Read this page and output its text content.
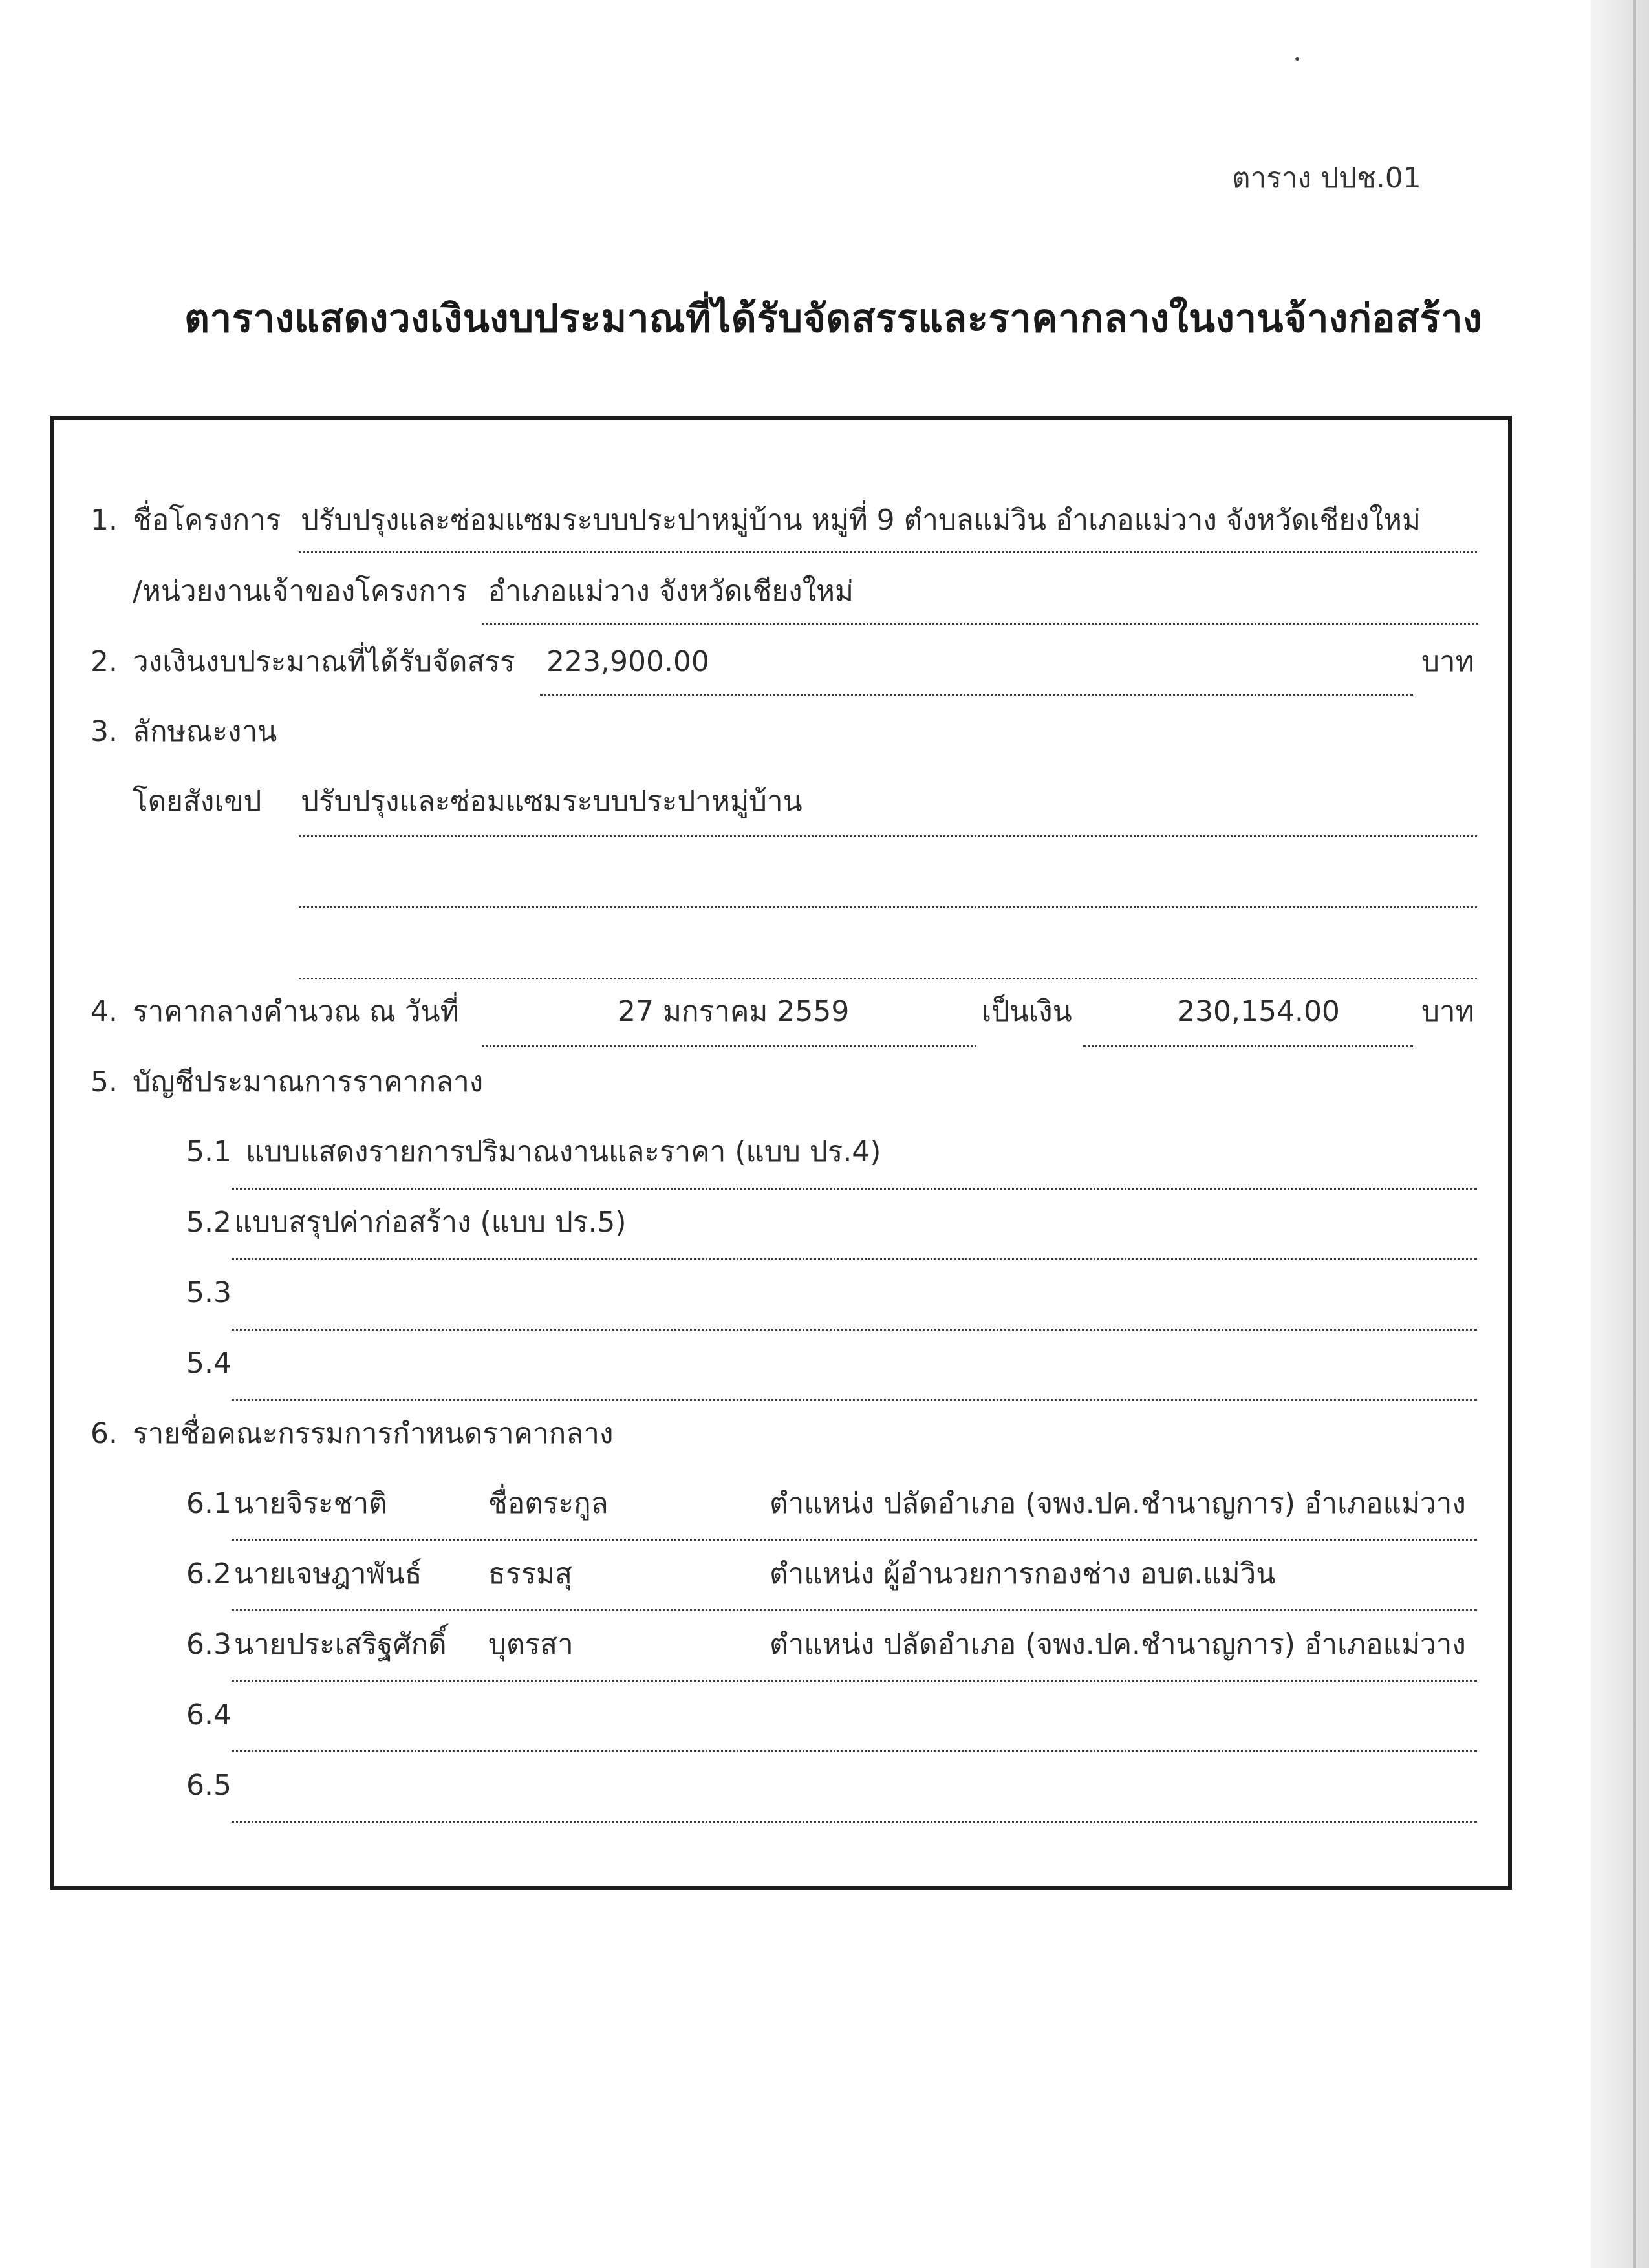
ตาราง ปปช.01
ตารางแสดงวงเงินงบประมาณที่ได้รับจัดสรรและราคากลางในงานจ้างก่อสร้าง
1. ชื่อโครงการ ปรับปรุงและซ่อมแซมระบบประปาหมู่บ้าน หมู่ที่ 9 ตำบลแม่วิน อำเภอแม่วาง จังหวัดเชียงใหม่
/หน่วยงานเจ้าของโครงการ อำเภอแม่วาง จังหวัดเชียงใหม่
2. วงเงินงบประมาณที่ได้รับจัดสรร 223,900.00	บาท
3. ลักษณะงาน
โดยสังเขป ปรับปรุงและซ่อมแซมระบบประปาหมู่บ้าน
4. ราคากลางคำนวณ ณ วันที่	27 มกราคม 2559	เป็นเงิน	230,154.00	บาท
5. บัญชีประมาณการราคากลาง
5.1 แบบแสดงรายการปริมาณงานและราคา (แบบ ปร.4)
5.2 แบบสรุปค่าก่อสร้าง (แบบ ปร.5)
5.3
5.4
6. รายชื่อคณะกรรมการกำหนดราคากลาง
6.1 นายจิระชาติ	ชื่อตระกูล	ตำแหน่ง ปลัดอำเภอ (จพง.ปค.ชำนาญการ) อำเภอแม่วาง
6.2 นายเจษฎาพันธ์ ธรรมสุ	ตำแหน่ง ผู้อำนวยการกองช่าง อบต.แม่วิน
6.3 นายประเสริฐศักดิ์ บุตรสา	ตำแหน่ง ปลัดอำเภอ (จพง.ปค.ชำนาญการ) อำเภอแม่วาง
6.4
6.5
